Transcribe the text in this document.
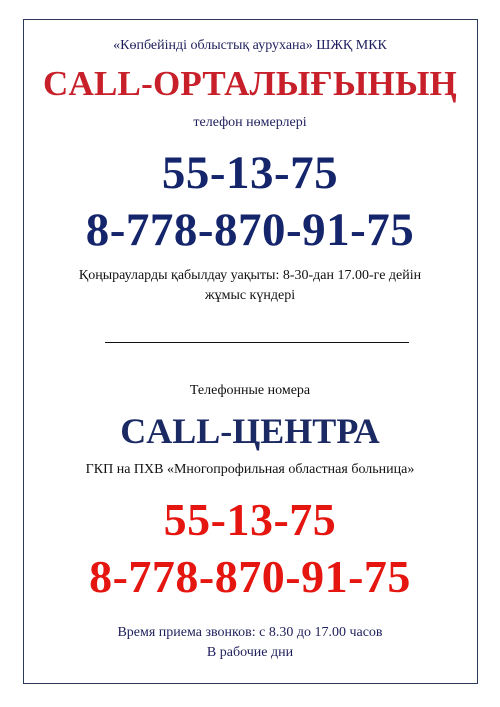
«Көпбейінді облыстық аурухана» ШЖҚ МКК
CALL-ОРТАЛЫҒЫНЫҢ
телефон нөмерлері
55-13-75
8-778-870-91-75
Қоңырауларды қабылдау уақыты: 8-30-дан 17.00-ге дейін
жұмыс күндері
Телефонные номера
CALL-ЦЕНТРА
ГКП на ПХВ «Многопрофильная областная больница»
55-13-75
8-778-870-91-75
Время приема звонков: с 8.30 до 17.00 часов
В рабочие дни
